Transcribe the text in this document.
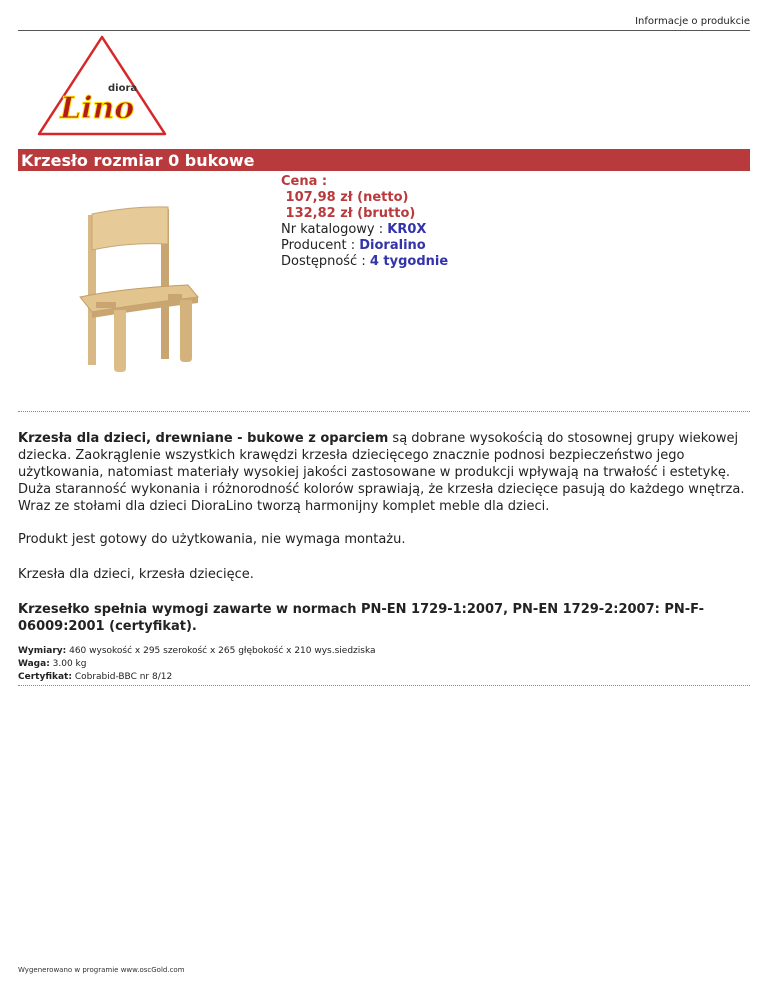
Informacje o produkcie
diora
Lino
Krzesło rozmiar 0 bukowe
Cena :
107,98 zł (netto)
132,82 zł (brutto)
Nr katalogowy : KR0X
Producent : Dioralino
Dostępność : 4 tygodnie

Krzesła dla dzieci, drewniane - bukowe z oparciem są dobrane wysokością do stosownej grupy wiekowej dziecka. Zaokrąglenie wszystkich krawędzi krzesła dziecięcego znacznie podnosi bezpieczeństwo jego użytkowania, natomiast materiały wysokiej jakości zastosowane w produkcji wpływają na trwałość i estetykę. Duża staranność wykonania i różnorodność kolorów sprawiają, że krzesła dziecięce pasują do każdego wnętrza. Wraz ze stołami dla dzieci DioraLino tworzą harmonijny komplet meble dla dzieci.

Produkt jest gotowy do użytkowania, nie wymaga montażu.

Krzesła dla dzieci, krzesła dziecięce.

Krzesełko spełnia wymogi zawarte w normach PN-EN 1729-1:2007, PN-EN 1729-2:2007: PN-F-06009:2001 (certyfikat).

Wymiary: 460 wysokość x 295 szerokość x 265 głębokość x 210 wys.siedziska
Waga: 3.00 kg
Certyfikat: Cobrabid-BBC nr 8/12
Wygenerowano w programie www.oscGold.com
